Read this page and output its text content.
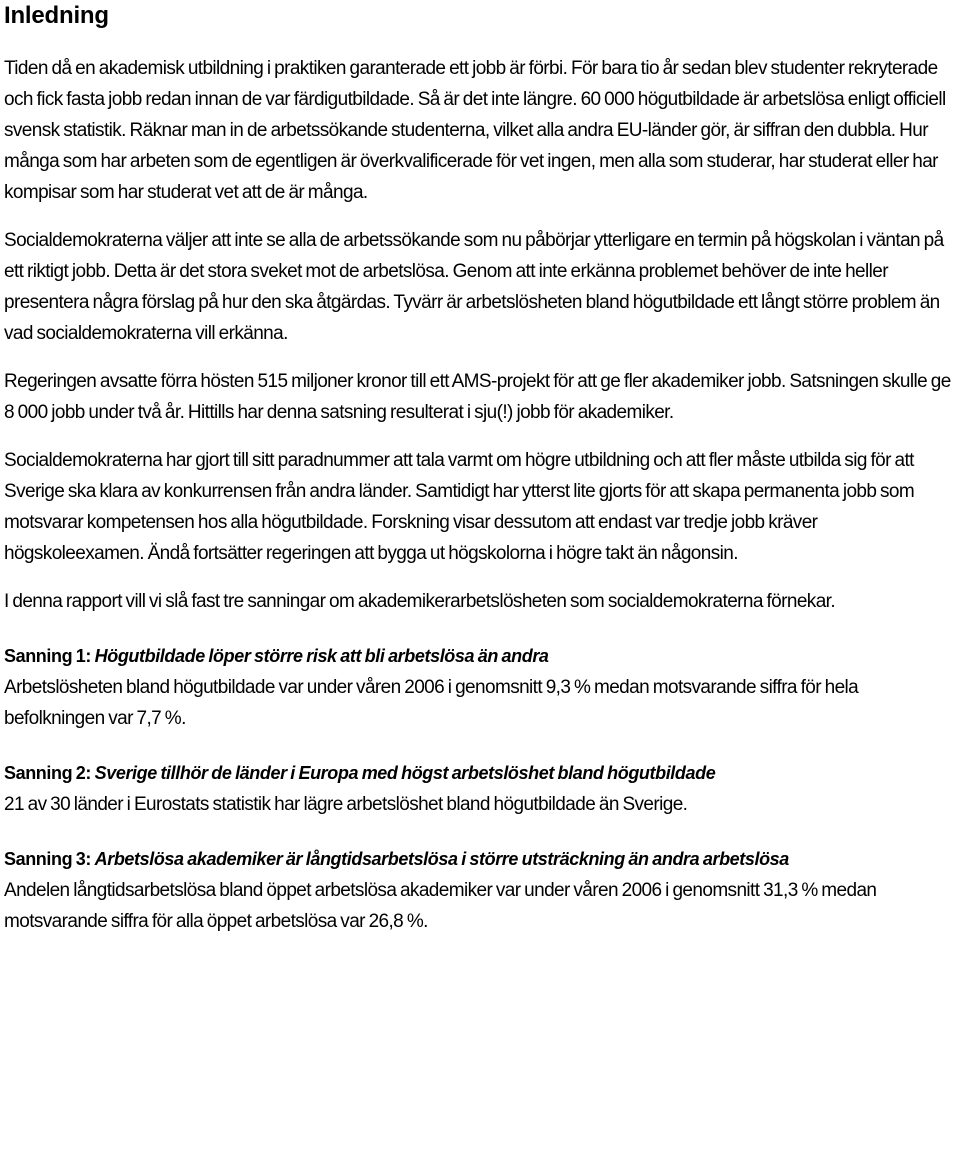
Inledning

Tiden då en akademisk utbildning i praktiken garanterade ett jobb är förbi. För bara tio år sedan blev studenter rekryterade och fick fasta jobb redan innan de var färdigutbildade. Så är det inte längre. 60 000 högutbildade är arbetslösa enligt officiell svensk statistik. Räknar man in de arbetssökande studenterna, vilket alla andra EU-länder gör, är siffran den dubbla. Hur många som har arbeten som de egentligen är överkvalificerade för vet ingen, men alla som studerar, har studerat eller har kompisar som har studerat vet att de är många.

Socialdemokraterna väljer att inte se alla de arbetssökande som nu påbörjar ytterligare en termin på högskolan i väntan på ett riktigt jobb. Detta är det stora sveket mot de arbetslösa. Genom att inte erkänna problemet behöver de inte heller presentera några förslag på hur den ska åtgärdas. Tyvärr är arbetslösheten bland högutbildade ett långt större problem än vad socialdemokraterna vill erkänna.

Regeringen avsatte förra hösten 515 miljoner kronor till ett AMS-projekt för att ge fler akademiker jobb. Satsningen skulle ge 8 000 jobb under två år. Hittills har denna satsning resulterat i sju(!) jobb för akademiker.

Socialdemokraterna har gjort till sitt paradnummer att tala varmt om högre utbildning och att fler måste utbilda sig för att Sverige ska klara av konkurrensen från andra länder. Samtidigt har ytterst lite gjorts för att skapa permanenta jobb som motsvarar kompetensen hos alla högutbildade. Forskning visar dessutom att endast var tredje jobb kräver högskoleexamen. Ändå fortsätter regeringen att bygga ut högskolorna i högre takt än någonsin.

I denna rapport vill vi slå fast tre sanningar om akademikerarbetslösheten som socialdemokraterna förnekar.

Sanning 1: Högutbildade löper större risk att bli arbetslösa än andra

Arbetslösheten bland högutbildade var under våren 2006 i genomsnitt 9,3 % medan motsvarande siffra för hela befolkningen var 7,7 %.

Sanning 2: Sverige tillhör de länder i Europa med högst arbetslöshet bland högutbildade

21 av 30 länder i Eurostats statistik har lägre arbetslöshet bland högutbildade än Sverige.

Sanning 3: Arbetslösa akademiker är långtidsarbetslösa i större utsträckning än andra arbetslösa

Andelen långtidsarbetslösa bland öppet arbetslösa akademiker var under våren 2006 i genomsnitt 31,3 % medan motsvarande siffra för alla öppet arbetslösa var 26,8 %.
